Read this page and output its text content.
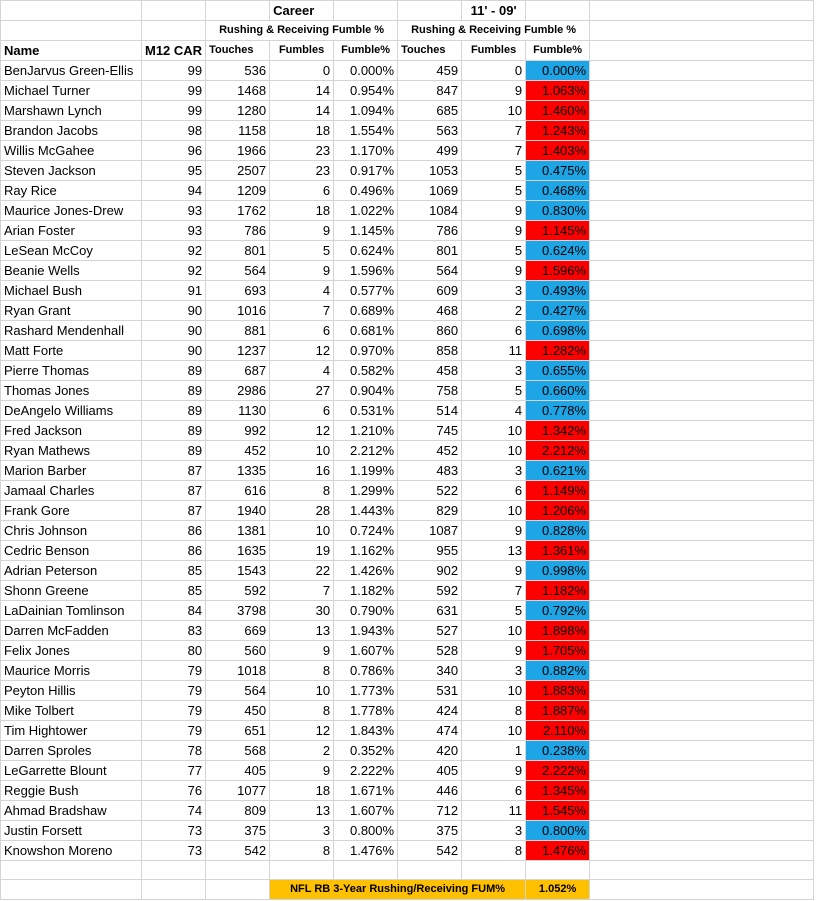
			Career			11' - 09'		
		Rushing & Receiving Fumble %			Rushing & Receiving Fumble %			
Name	M12 CAR	Touches	Fumbles	Fumble%	Touches	Fumbles	Fumble%	
BenJarvus Green-Ellis	99	536	0	0.000%	459	0	0.000%	
Michael Turner	99	1468	14	0.954%	847	9	1.063%	
Marshawn Lynch	99	1280	14	1.094%	685	10	1.460%	
Brandon Jacobs	98	1158	18	1.554%	563	7	1.243%	
Willis McGahee	96	1966	23	1.170%	499	7	1.403%	
Steven Jackson	95	2507	23	0.917%	1053	5	0.475%	
Ray Rice	94	1209	6	0.496%	1069	5	0.468%	
Maurice Jones-Drew	93	1762	18	1.022%	1084	9	0.830%	
Arian Foster	93	786	9	1.145%	786	9	1.145%	
LeSean McCoy	92	801	5	0.624%	801	5	0.624%	
Beanie Wells	92	564	9	1.596%	564	9	1.596%	
Michael Bush	91	693	4	0.577%	609	3	0.493%	
Ryan Grant	90	1016	7	0.689%	468	2	0.427%	
Rashard Mendenhall	90	881	6	0.681%	860	6	0.698%	
Matt Forte	90	1237	12	0.970%	858	11	1.282%	
Pierre Thomas	89	687	4	0.582%	458	3	0.655%	
Thomas Jones	89	2986	27	0.904%	758	5	0.660%	
DeAngelo Williams	89	1130	6	0.531%	514	4	0.778%	
Fred Jackson	89	992	12	1.210%	745	10	1.342%	
Ryan Mathews	89	452	10	2.212%	452	10	2.212%	
Marion Barber	87	1335	16	1.199%	483	3	0.621%	
Jamaal Charles	87	616	8	1.299%	522	6	1.149%	
Frank Gore	87	1940	28	1.443%	829	10	1.206%	
Chris Johnson	86	1381	10	0.724%	1087	9	0.828%	
Cedric Benson	86	1635	19	1.162%	955	13	1.361%	
Adrian Peterson	85	1543	22	1.426%	902	9	0.998%	
Shonn Greene	85	592	7	1.182%	592	7	1.182%	
LaDainian Tomlinson	84	3798	30	0.790%	631	5	0.792%	
Darren McFadden	83	669	13	1.943%	527	10	1.898%	
Felix Jones	80	560	9	1.607%	528	9	1.705%	
Maurice Morris	79	1018	8	0.786%	340	3	0.882%	
Peyton Hillis	79	564	10	1.773%	531	10	1.883%	
Mike Tolbert	79	450	8	1.778%	424	8	1.887%	
Tim Hightower	79	651	12	1.843%	474	10	2.110%	
Darren Sproles	78	568	2	0.352%	420	1	0.238%	
LeGarrette Blount	77	405	9	2.222%	405	9	2.222%	
Reggie Bush	76	1077	18	1.671%	446	6	1.345%	
Ahmad Bradshaw	74	809	13	1.607%	712	11	1.545%	
Justin Forsett	73	375	3	0.800%	375	3	0.800%	
Knowshon Moreno	73	542	8	1.476%	542	8	1.476%	

			NFL RB 3-Year Rushing/Receiving FUM%				1.052%	
